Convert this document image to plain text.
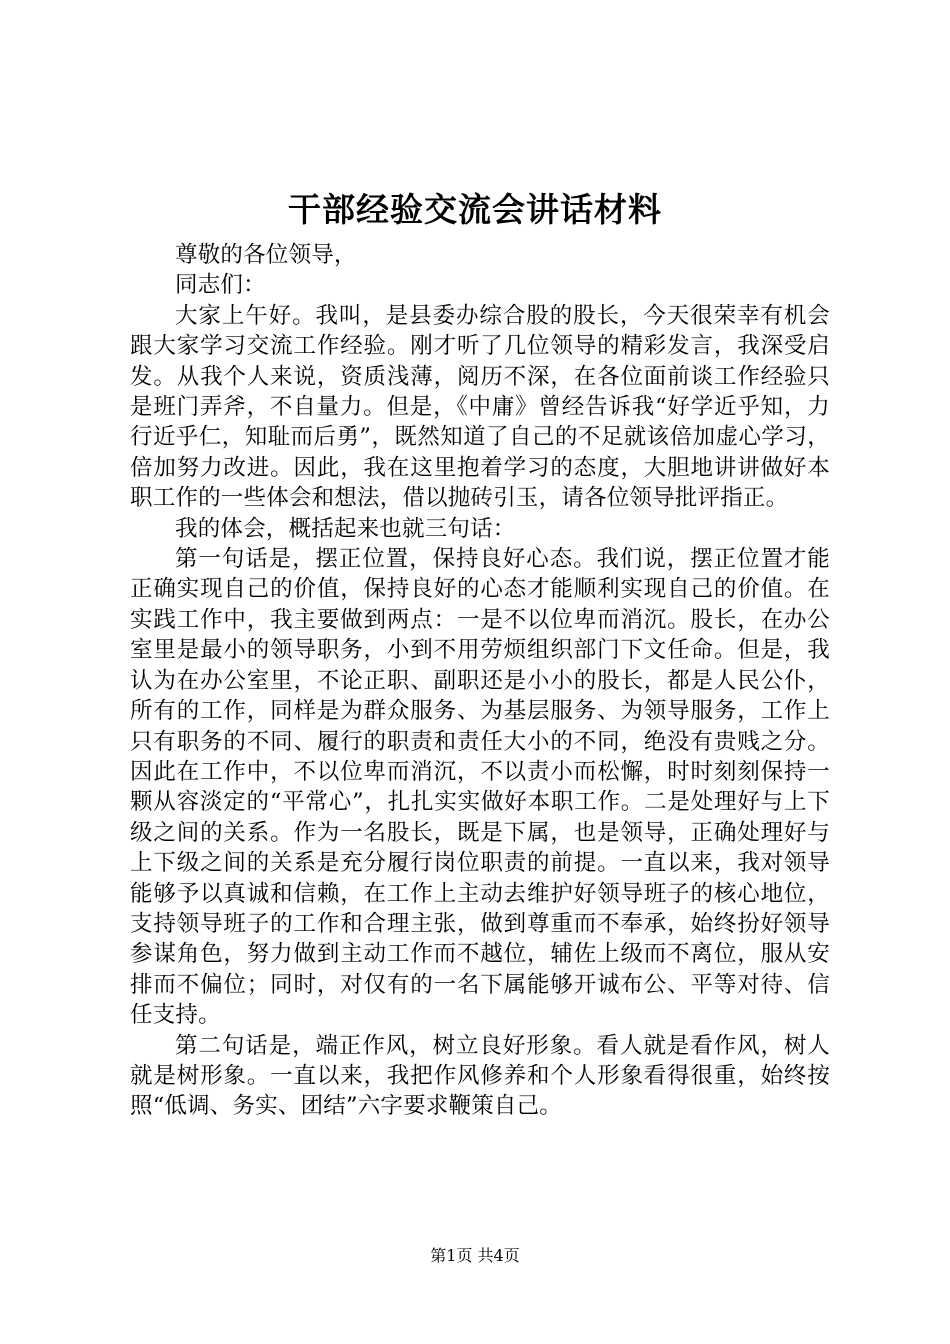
干部经验交流会讲话材料

尊敬的各位领导，

同志们：

大家上午好。我叫，是县委办综合股的股长，今天很荣幸有机会跟大家学习交流工作经验。刚才听了几位领导的精彩发言，我深受启发。从我个人来说，资质浅薄，阅历不深，在各位面前谈工作经验只是班门弄斧，不自量力。但是，《中庸》曾经告诉我“好学近乎知，力行近乎仁，知耻而后勇”，既然知道了自己的不足就该倍加虚心学习，倍加努力改进。因此，我在这里抱着学习的态度，大胆地讲讲做好本职工作的一些体会和想法，借以抛砖引玉，请各位领导批评指正。

我的体会，概括起来也就三句话：

第一句话是，摆正位置，保持良好心态。我们说，摆正位置才能正确实现自己的价值，保持良好的心态才能顺利实现自己的价值。在实践工作中，我主要做到两点：一是不以位卑而消沉。股长，在办公室里是最小的领导职务，小到不用劳烦组织部门下文任命。但是，我认为在办公室里，不论正职、副职还是小小的股长，都是人民公仆，所有的工作，同样是为群众服务、为基层服务、为领导服务，工作上只有职务的不同、履行的职责和责任大小的不同，绝没有贵贱之分。因此在工作中，不以位卑而消沉，不以责小而松懈，时时刻刻保持一颗从容淡定的“平常心”，扎扎实实做好本职工作。二是处理好与上下级之间的关系。作为一名股长，既是下属，也是领导，正确处理好与上下级之间的关系是充分履行岗位职责的前提。一直以来，我对领导能够予以真诚和信赖，在工作上主动去维护好领导班子的核心地位，支持领导班子的工作和合理主张，做到尊重而不奉承，始终扮好领导参谋角色，努力做到主动工作而不越位，辅佐上级而不离位，服从安排而不偏位；同时，对仅有的一名下属能够开诚布公、平等对待、信任支持。

第二句话是，端正作风，树立良好形象。看人就是看作风，树人就是树形象。一直以来，我把作风修养和个人形象看得很重，始终按照“低调、务实、团结”六字要求鞭策自己。

第1页 共4页
